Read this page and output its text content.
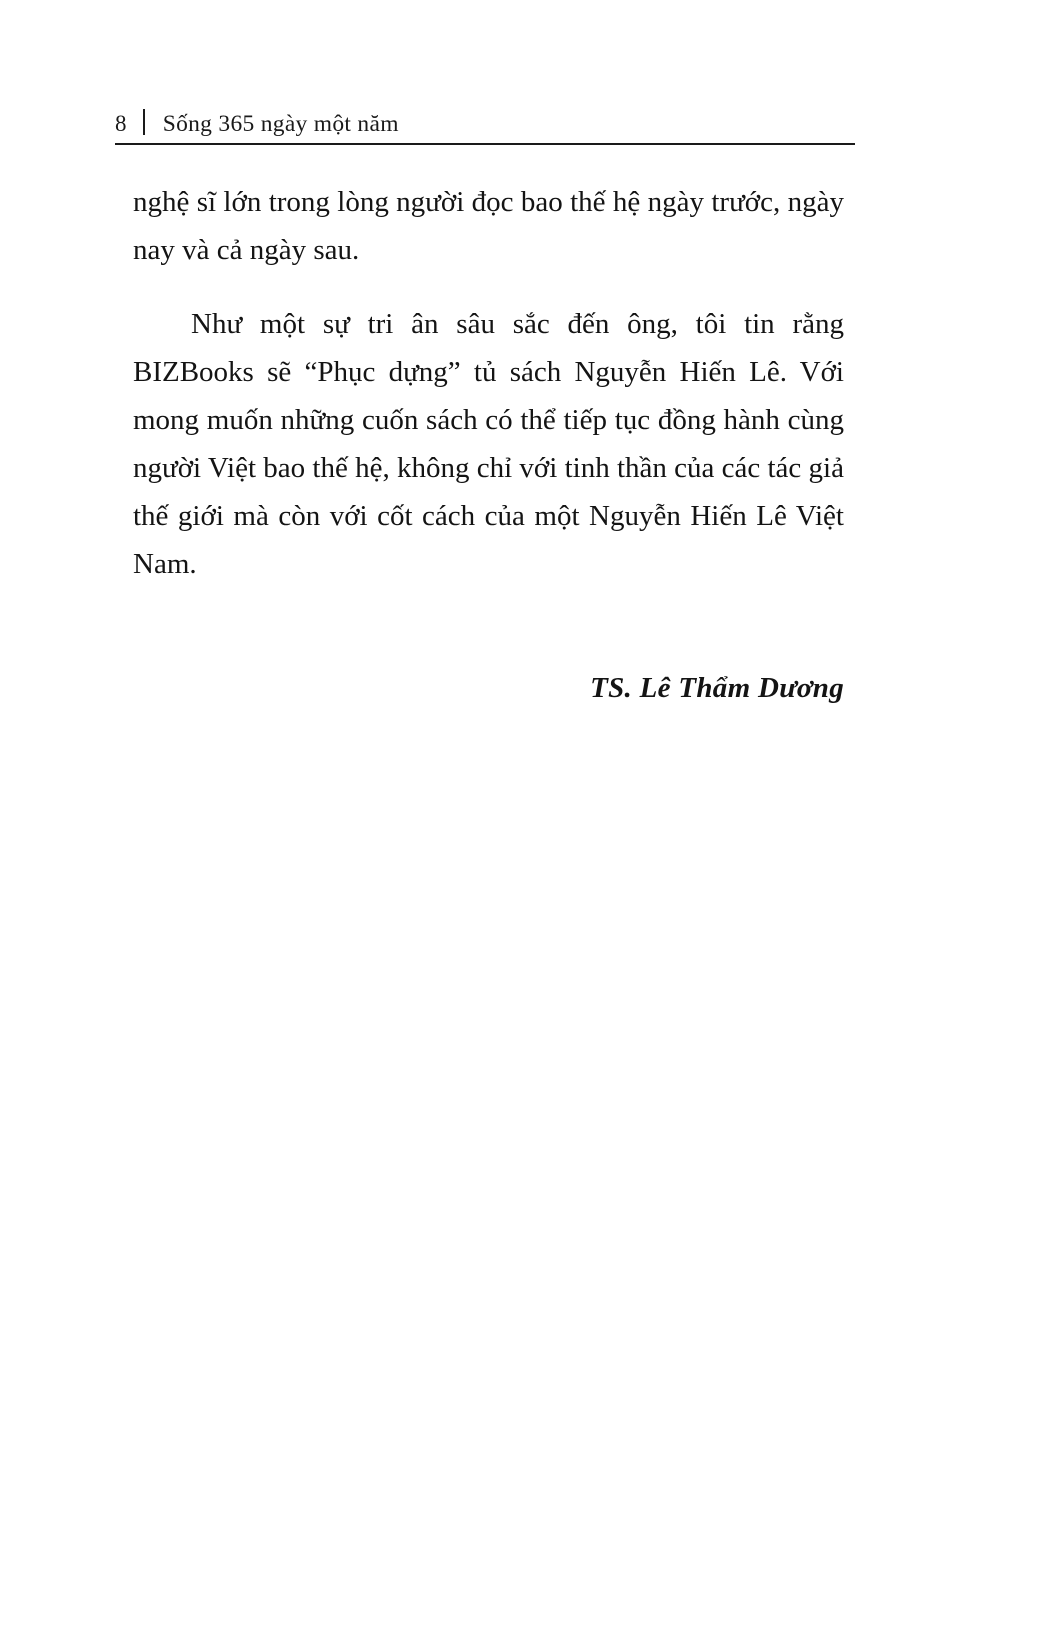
8 Sống 365 ngày một năm

nghệ sĩ lớn trong lòng người đọc bao thế hệ ngày trước, ngày nay và cả ngày sau.

Như một sự tri ân sâu sắc đến ông, tôi tin rằng BIZBooks sẽ “Phục dựng” tủ sách Nguyễn Hiến Lê. Với mong muốn những cuốn sách có thể tiếp tục đồng hành cùng người Việt bao thế hệ, không chỉ với tinh thần của các tác giả thế giới mà còn với cốt cách của một Nguyễn Hiến Lê Việt Nam.

TS. Lê Thẩm Dương
